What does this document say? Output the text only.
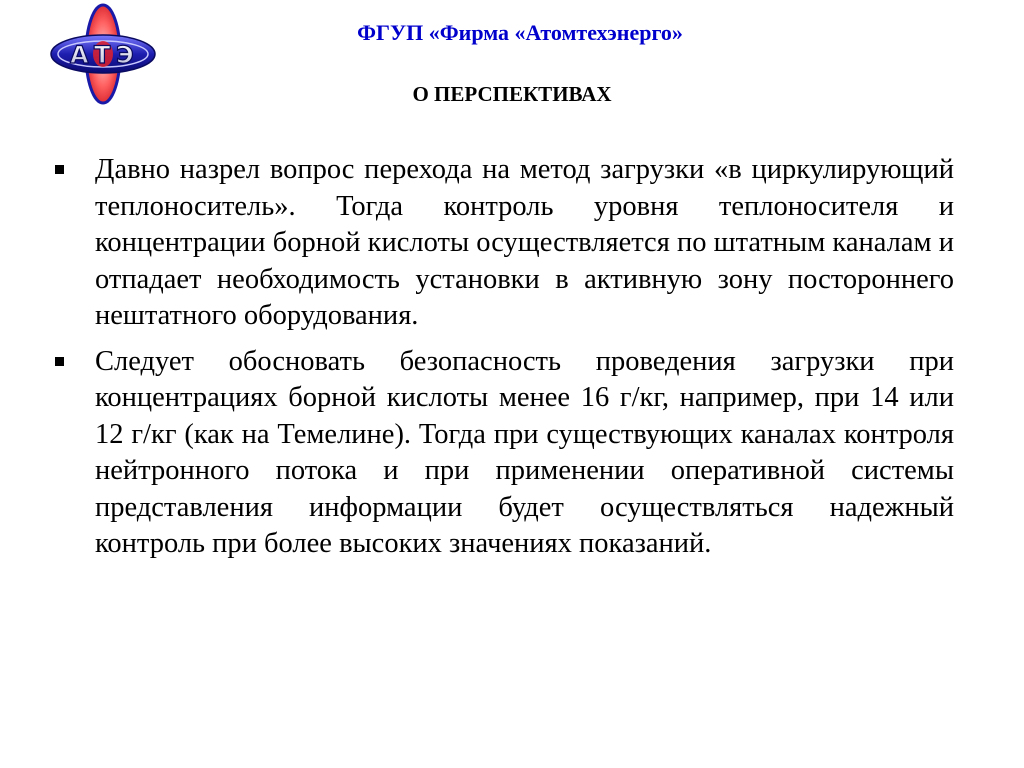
A T Э
ФГУП «Фирма «Атомтехэнерго»
О ПЕРСПЕКТИВАХ
Давно назрел вопрос перехода на метод загрузки «в циркулирующий теплоноситель». Тогда контроль уровня теплоносителя и концентрации борной кислоты осуществляется по штатным каналам и отпадает необходимость установки в активную зону постороннего нештатного оборудования.
Следует обосновать безопасность проведения загрузки при концентрациях борной кислоты менее 16 г/кг, например, при 14 или 12 г/кг (как на Темелине). Тогда при существующих каналах контроля нейтронного потока и при применении оперативной системы представления информации будет осуществляться надежный контроль при более высоких значениях показаний.
